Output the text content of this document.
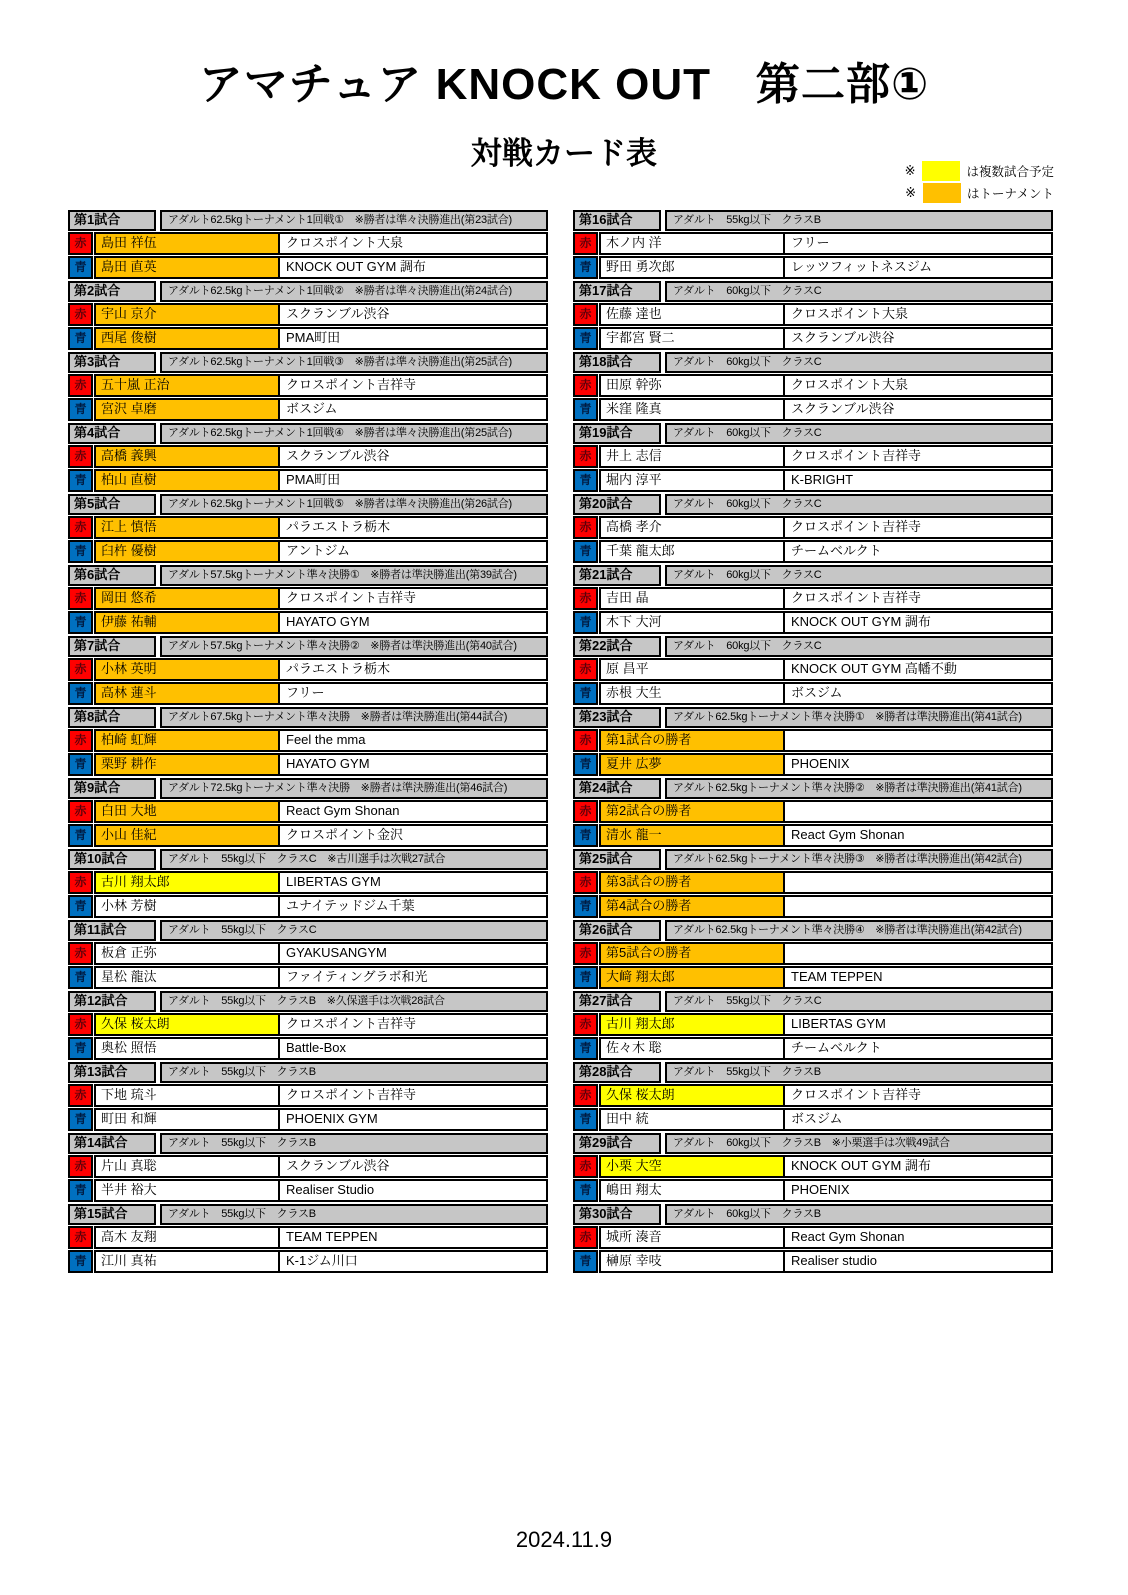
アマチュア KNOCK OUT　第二部①
対戦カード表	※	は複数試合予定
※	はトーナメント
第1試合	アダルト62.5kgトーナメント1回戦①　※勝者は準々決勝進出(第23試合)
赤	島田 祥伍	クロスポイント大泉
青	島田 直英	KNOCK OUT GYM 調布
第2試合	アダルト62.5kgトーナメント1回戦②　※勝者は準々決勝進出(第24試合)
赤	宇山 京介	スクランブル渋谷
青	西尾 俊樹	PMA町田
第3試合	アダルト62.5kgトーナメント1回戦③　※勝者は準々決勝進出(第25試合)
赤	五十嵐 正治	クロスポイント吉祥寺
青	宮沢 卓磨	ボスジム
第4試合	アダルト62.5kgトーナメント1回戦④　※勝者は準々決勝進出(第25試合)
赤	高橋 義興	スクランブル渋谷
青	柏山 直樹	PMA町田
第5試合	アダルト62.5kgトーナメント1回戦⑤　※勝者は準々決勝進出(第26試合)
赤	江上 慎悟	パラエストラ栃木
青	臼杵 優樹	アントジム
第6試合	アダルト57.5kgトーナメント準々決勝①　※勝者は準決勝進出(第39試合)
赤	岡田 悠希	クロスポイント吉祥寺
青	伊藤 祐輔	HAYATO GYM
第7試合	アダルト57.5kgトーナメント準々決勝②　※勝者は準決勝進出(第40試合)
赤	小林 英明	パラエストラ栃木
青	高林 蓮斗	フリー
第8試合	アダルト67.5kgトーナメント準々決勝　※勝者は準決勝進出(第44試合)
赤	柏崎 虹輝	Feel the mma
青	栗野 耕作	HAYATO GYM
第9試合	アダルト72.5kgトーナメント準々決勝　※勝者は準決勝進出(第46試合)
赤	白田 大地	React Gym Shonan
青	小山 佳紀	クロスポイント金沢
第10試合	アダルト　55kg以下　クラスC　※古川選手は次戦27試合
赤	古川 翔太郎	LIBERTAS GYM
青	小林 芳樹	ユナイテッドジム千葉
第11試合	アダルト　55kg以下　クラスC
赤	板倉 正弥	GYAKUSANGYM
青	星松 龍汰	ファイティングラボ和光
第12試合	アダルト　55kg以下　クラスB　※久保選手は次戦28試合
赤	久保 桜太朗	クロスポイント吉祥寺
青	奥松 照悟	Battle-Box
第13試合	アダルト　55kg以下　クラスB
赤	下地 琉斗	クロスポイント吉祥寺
青	町田 和輝	PHOENIX GYM
第14試合	アダルト　55kg以下　クラスB
赤	片山 真聡	スクランブル渋谷
青	半井 裕大	Realiser Studio
第15試合	アダルト　55kg以下　クラスB
赤	高木 友翔	TEAM TEPPEN
青	江川 真祐	K-1ジム川口
第16試合	アダルト　55kg以下　クラスB
赤	木ノ内 洋	フリー
青	野田 勇次郎	レッツフィットネスジム
第17試合	アダルト　60kg以下　クラスC
赤	佐藤 達也	クロスポイント大泉
青	宇都宮 賢二	スクランブル渋谷
第18試合	アダルト　60kg以下　クラスC
赤	田原 幹弥	クロスポイント大泉
青	米窪 隆真	スクランブル渋谷
第19試合	アダルト　60kg以下　クラスC
赤	井上 志信	クロスポイント吉祥寺
青	堀内 淳平	K-BRIGHT
第20試合	アダルト　60kg以下　クラスC
赤	高橋 孝介	クロスポイント吉祥寺
青	千葉 龍太郎	チームベルクト
第21試合	アダルト　60kg以下　クラスC
赤	吉田 晶	クロスポイント吉祥寺
青	木下 大河	KNOCK OUT GYM 調布
第22試合	アダルト　60kg以下　クラスC
赤	原 昌平	KNOCK OUT GYM 高幡不動
青	赤根 大生	ボスジム
第23試合	アダルト62.5kgトーナメント準々決勝①　※勝者は準決勝進出(第41試合)
赤	第1試合の勝者
青	夏井 広夢	PHOENIX
第24試合	アダルト62.5kgトーナメント準々決勝②　※勝者は準決勝進出(第41試合)
赤	第2試合の勝者
青	清水 龍一	React Gym Shonan
第25試合	アダルト62.5kgトーナメント準々決勝③　※勝者は準決勝進出(第42試合)
赤	第3試合の勝者
青	第4試合の勝者
第26試合	アダルト62.5kgトーナメント準々決勝④　※勝者は準決勝進出(第42試合)
赤	第5試合の勝者
青	大﨑 翔太郎	TEAM TEPPEN
第27試合	アダルト　55kg以下　クラスC
赤	古川 翔太郎	LIBERTAS GYM
青	佐々木 聡	チームベルクト
第28試合	アダルト　55kg以下　クラスB
赤	久保 桜太朗	クロスポイント吉祥寺
青	田中 統	ボスジム
第29試合	アダルト　60kg以下　クラスB　※小栗選手は次戦49試合
赤	小栗 大空	KNOCK OUT GYM 調布
青	嶋田 翔太	PHOENIX
第30試合	アダルト　60kg以下　クラスB
赤	城所 湊音	React Gym Shonan
青	榊原 幸吱	Realiser studio
2024.11.9
